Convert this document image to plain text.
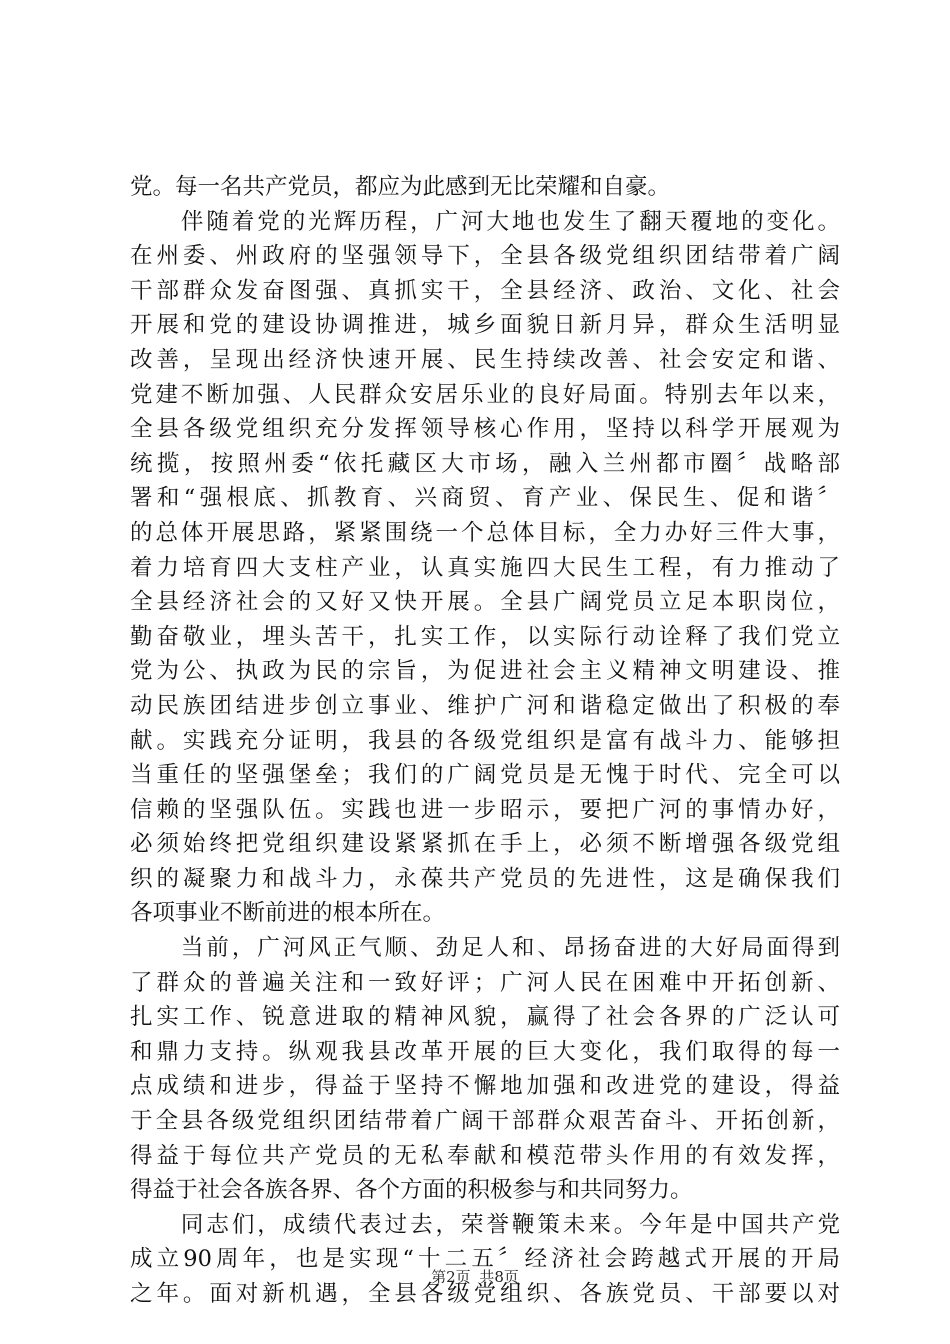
党。每一名共产党员，都应为此感到无比荣耀和自豪。
　　伴随着党的光辉历程，广河大地也发生了翻天覆地的变化。
在州委、州政府的坚强领导下，全县各级党组织团结带着广阔
干部群众发奋图强、真抓实干，全县经济、政治、文化、社会
开展和党的建设协调推进，城乡面貌日新月异，群众生活明显
改善，呈现出经济快速开展、民生持续改善、社会安定和谐、
党建不断加强、人民群众安居乐业的良好局面。特别去年以来，
全县各级党组织充分发挥领导核心作用，坚持以科学开展观为
统揽，按照州委“依托藏区大市场，融入兰州都市圈〞战略部
署和“强根底、抓教育、兴商贸、育产业、保民生、促和谐〞
的总体开展思路，紧紧围绕一个总体目标，全力办好三件大事，
着力培育四大支柱产业，认真实施四大民生工程，有力推动了
全县经济社会的又好又快开展。全县广阔党员立足本职岗位，
勤奋敬业，埋头苦干，扎实工作，以实际行动诠释了我们党立
党为公、执政为民的宗旨，为促进社会主义精神文明建设、推
动民族团结进步创立事业、维护广河和谐稳定做出了积极的奉
献。实践充分证明，我县的各级党组织是富有战斗力、能够担
当重任的坚强堡垒；我们的广阔党员是无愧于时代、完全可以
信赖的坚强队伍。实践也进一步昭示，要把广河的事情办好，
必须始终把党组织建设紧紧抓在手上，必须不断增强各级党组
织的凝聚力和战斗力，永葆共产党员的先进性，这是确保我们
各项事业不断前进的根本所在。
　　当前，广河风正气顺、劲足人和、昂扬奋进的大好局面得到
了群众的普遍关注和一致好评；广河人民在困难中开拓创新、
扎实工作、锐意进取的精神风貌，赢得了社会各界的广泛认可
和鼎力支持。纵观我县改革开展的巨大变化，我们取得的每一
点成绩和进步，得益于坚持不懈地加强和改进党的建设，得益
于全县各级党组织团结带着广阔干部群众艰苦奋斗、开拓创新，
得益于每位共产党员的无私奉献和模范带头作用的有效发挥，
得益于社会各族各界、各个方面的积极参与和共同努力。
　　同志们，成绩代表过去，荣誉鞭策未来。今年是中国共产党
成立90周年，也是实现“十二五〞经济社会跨越式开展的开局
之年。面对新机遇，全县各级党组织、各族党员、干部要以对
第2页 共8页
